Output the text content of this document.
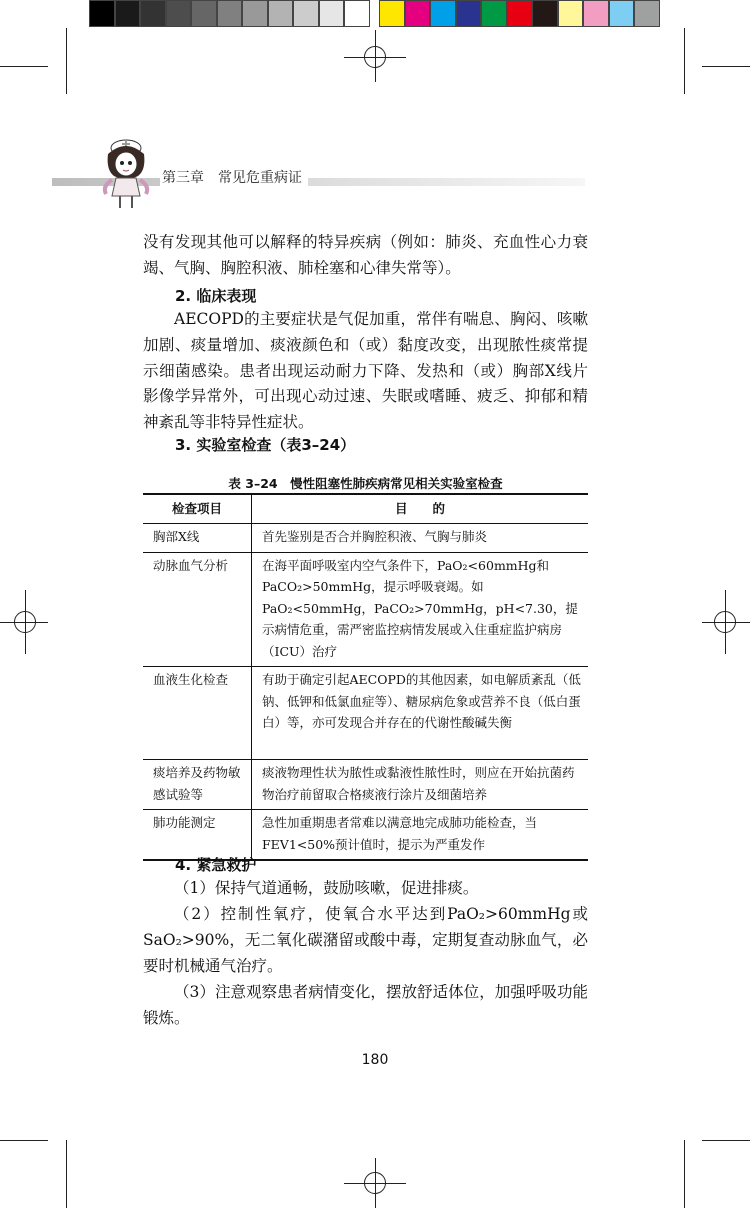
第三章　常见危重病证
没有发现其他可以解释的特异疾病（例如：肺炎、充血性心力衰竭、气胸、胸腔积液、肺栓塞和心律失常等）。
2. 临床表现
AECOPD的主要症状是气促加重，常伴有喘息、胸闷、咳嗽加剧、痰量增加、痰液颜色和（或）黏度改变，出现脓性痰常提示细菌感染。患者出现运动耐力下降、发热和（或）胸部X线片影像学异常外，可出现心动过速、失眠或嗜睡、疲乏、抑郁和精神紊乱等非特异性症状。
3. 实验室检查（表3–24）
表 3–24　慢性阻塞性肺疾病常见相关实验室检查
检查项目	目　　的
胸部X线	首先鉴别是否合并胸腔积液、气胸与肺炎
动脉血气分析	在海平面呼吸室内空气条件下，PaO₂<60mmHg和PaCO₂>50mmHg，提示呼吸衰竭。如PaO₂<50mmHg，PaCO₂>70mmHg，pH<7.30，提示病情危重，需严密监控病情发展或入住重症监护病房（ICU）治疗
血液生化检查	有助于确定引起AECOPD的其他因素，如电解质紊乱（低钠、低钾和低氯血症等）、糖尿病危象或营养不良（低白蛋白）等，亦可发现合并存在的代谢性酸碱失衡
痰培养及药物敏感试验等	痰液物理性状为脓性或黏液性脓性时，则应在开始抗菌药物治疗前留取合格痰液行涂片及细菌培养
肺功能测定	急性加重期患者常难以满意地完成肺功能检查，当FEV1<50%预计值时，提示为严重发作
4. 紧急救护
（1）保持气道通畅，鼓励咳嗽，促进排痰。
（2）控制性氧疗，使氧合水平达到PaO₂>60mmHg或SaO₂>90%，无二氧化碳潴留或酸中毒，定期复查动脉血气，必要时机械通气治疗。
（3）注意观察患者病情变化，摆放舒适体位，加强呼吸功能锻炼。
180
